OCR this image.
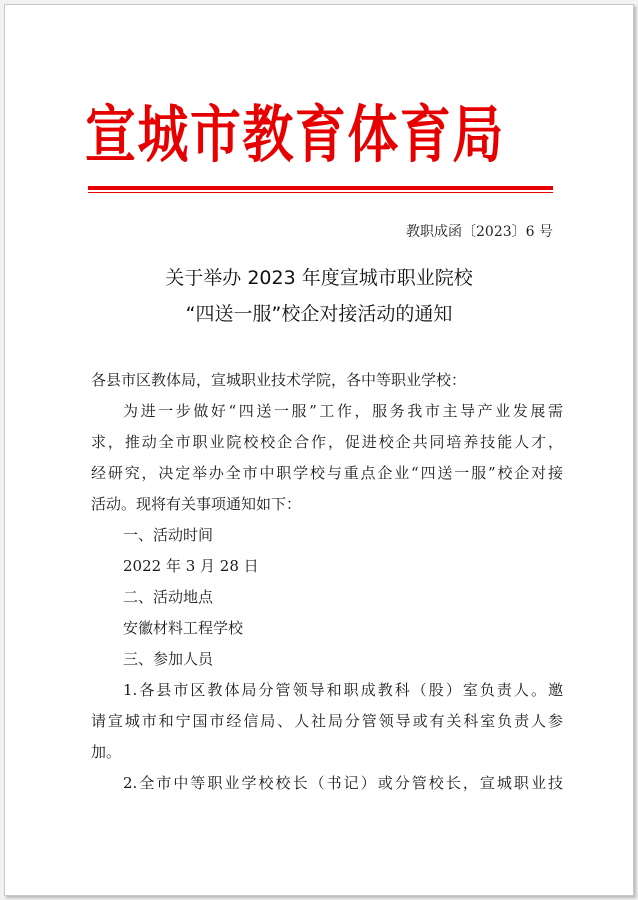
宣城市教育体育局
教职成函〔2023〕6 号
关于举办 2023 年度宣城市职业院校
“四送一服”校企对接活动的通知
各县市区教体局，宣城职业技术学院，各中等职业学校：
为进一步做好“四送一服”工作，服务我市主导产业发展需
求，推动全市职业院校校企合作，促进校企共同培养技能人才，
经研究，决定举办全市中职学校与重点企业“四送一服”校企对接
活动。现将有关事项通知如下：
一、活动时间
2022 年 3 月 28 日
二、活动地点
安徽材料工程学校
三、参加人员
1.各县市区教体局分管领导和职成教科（股）室负责人。邀
请宣城市和宁国市经信局、人社局分管领导或有关科室负责人参
加。
2.全市中等职业学校校长（书记）或分管校长，宣城职业技
